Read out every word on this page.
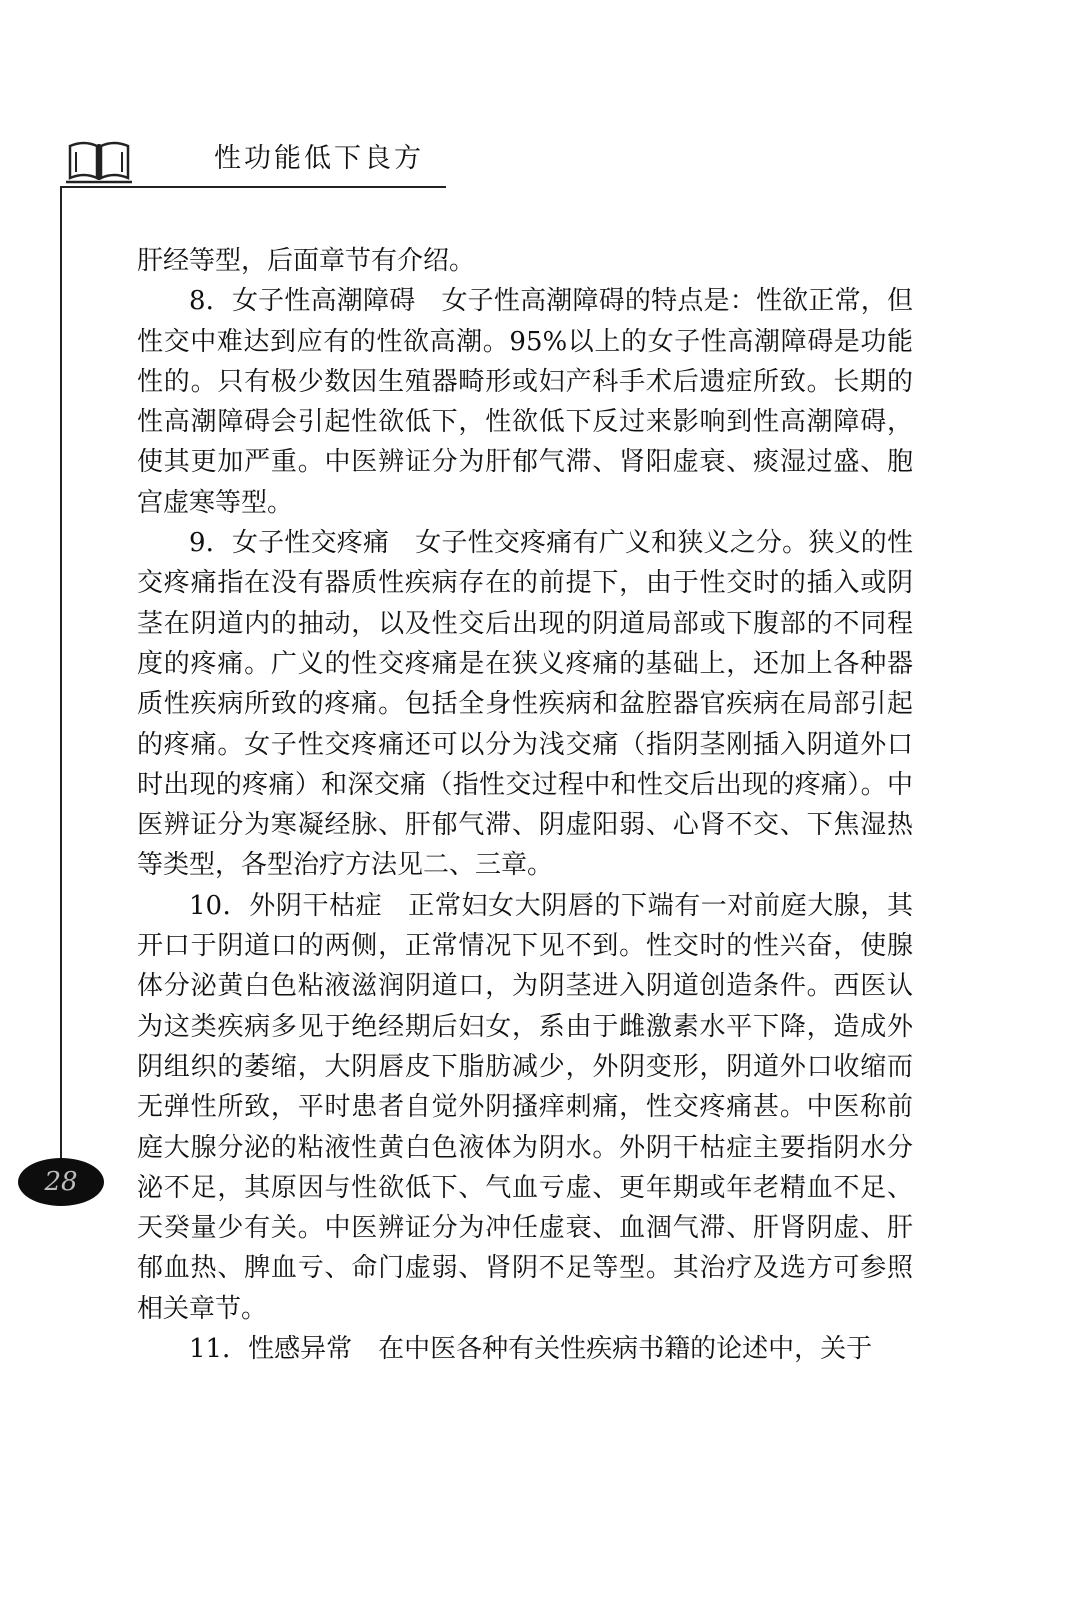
性功能低下良方
28

肝经等型，后面章节有介绍。

8．女子性高潮障碍 女子性高潮障碍的特点是：性欲正常，但性交中难达到应有的性欲高潮。95%以上的女子性高潮障碍是功能性的。只有极少数因生殖器畸形或妇产科手术后遗症所致。长期的性高潮障碍会引起性欲低下，性欲低下反过来影响到性高潮障碍，使其更加严重。中医辨证分为肝郁气滞、肾阳虚衰、痰湿过盛、胞宫虚寒等型。

9．女子性交疼痛 女子性交疼痛有广义和狭义之分。狭义的性交疼痛指在没有器质性疾病存在的前提下，由于性交时的插入或阴茎在阴道内的抽动，以及性交后出现的阴道局部或下腹部的不同程度的疼痛。广义的性交疼痛是在狭义疼痛的基础上，还加上各种器质性疾病所致的疼痛。包括全身性疾病和盆腔器官疾病在局部引起的疼痛。女子性交疼痛还可以分为浅交痛（指阴茎刚插入阴道外口时出现的疼痛）和深交痛（指性交过程中和性交后出现的疼痛）。中医辨证分为寒凝经脉、肝郁气滞、阴虚阳弱、心肾不交、下焦湿热等类型，各型治疗方法见二、三章。

10．外阴干枯症 正常妇女大阴唇的下端有一对前庭大腺，其开口于阴道口的两侧，正常情况下见不到。性交时的性兴奋，使腺体分泌黄白色粘液滋润阴道口，为阴茎进入阴道创造条件。西医认为这类疾病多见于绝经期后妇女，系由于雌激素水平下降，造成外阴组织的萎缩，大阴唇皮下脂肪减少，外阴变形，阴道外口收缩而无弹性所致，平时患者自觉外阴搔痒刺痛，性交疼痛甚。中医称前庭大腺分泌的粘液性黄白色液体为阴水。外阴干枯症主要指阴水分泌不足，其原因与性欲低下、气血亏虚、更年期或年老精血不足、天癸量少有关。中医辨证分为冲任虚衰、血涸气滞、肝肾阴虚、肝郁血热、脾血亏、命门虚弱、肾阴不足等型。其治疗及选方可参照相关章节。

11．性感异常 在中医各种有关性疾病书籍的论述中，关于
